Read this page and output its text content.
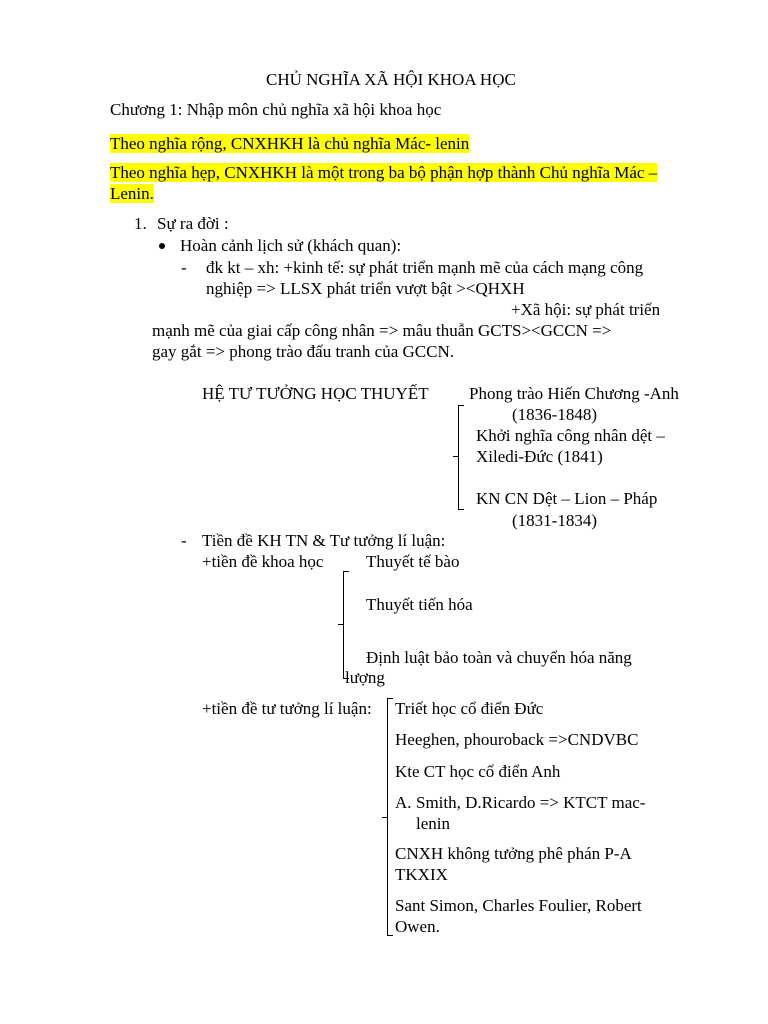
CHỦ NGHĨA XÃ HỘI KHOA HỌC
Chương 1: Nhập môn chủ nghĩa xã hội khoa học
Theo nghĩa rộng, CNXHKH là chủ nghĩa Mác- lenin
Theo nghĩa hẹp, CNXHKH là một trong ba bộ phận hợp thành Chủ nghĩa Mác –
Lenin.
1. Sự ra đời :
Hoàn cảnh lịch sử (khách quan):
- đk kt – xh: +kinh tế: sự phát triển mạnh mẽ của cách mạng công
nghiệp => LLSX phát triển vượt bật ><QHXH
+Xã hội: sự phát triển
mạnh mẽ của giai cấp công nhân => mâu thuẫn GCTS><GCCN =>
gay gắt => phong trào đấu tranh của GCCN.
HỆ TƯ TƯỞNG HỌC THUYẾT Phong trào Hiến Chương -Anh
(1836-1848)
Khởi nghĩa công nhân dệt –
Xiledi-Đức (1841)
KN CN Dệt – Lion – Pháp
(1831-1834)
- Tiền đề KH TN & Tư tưởng lí luận:
+tiền đề khoa học	Thuyết tế bào
Thuyết tiến hóa
Định luật bảo toàn và chuyển hóa năng
lượng
+tiền đề tư tưởng lí luận: Triết học cổ điển Đức
Heeghen, phouroback =>CNDVBC
Kte CT học cổ điển Anh
A. Smith, D.Ricardo => KTCT mac-
lenin
CNXH không tưởng phê phán P-A
TKXIX
Sant Simon, Charles Foulier, Robert
Owen.
